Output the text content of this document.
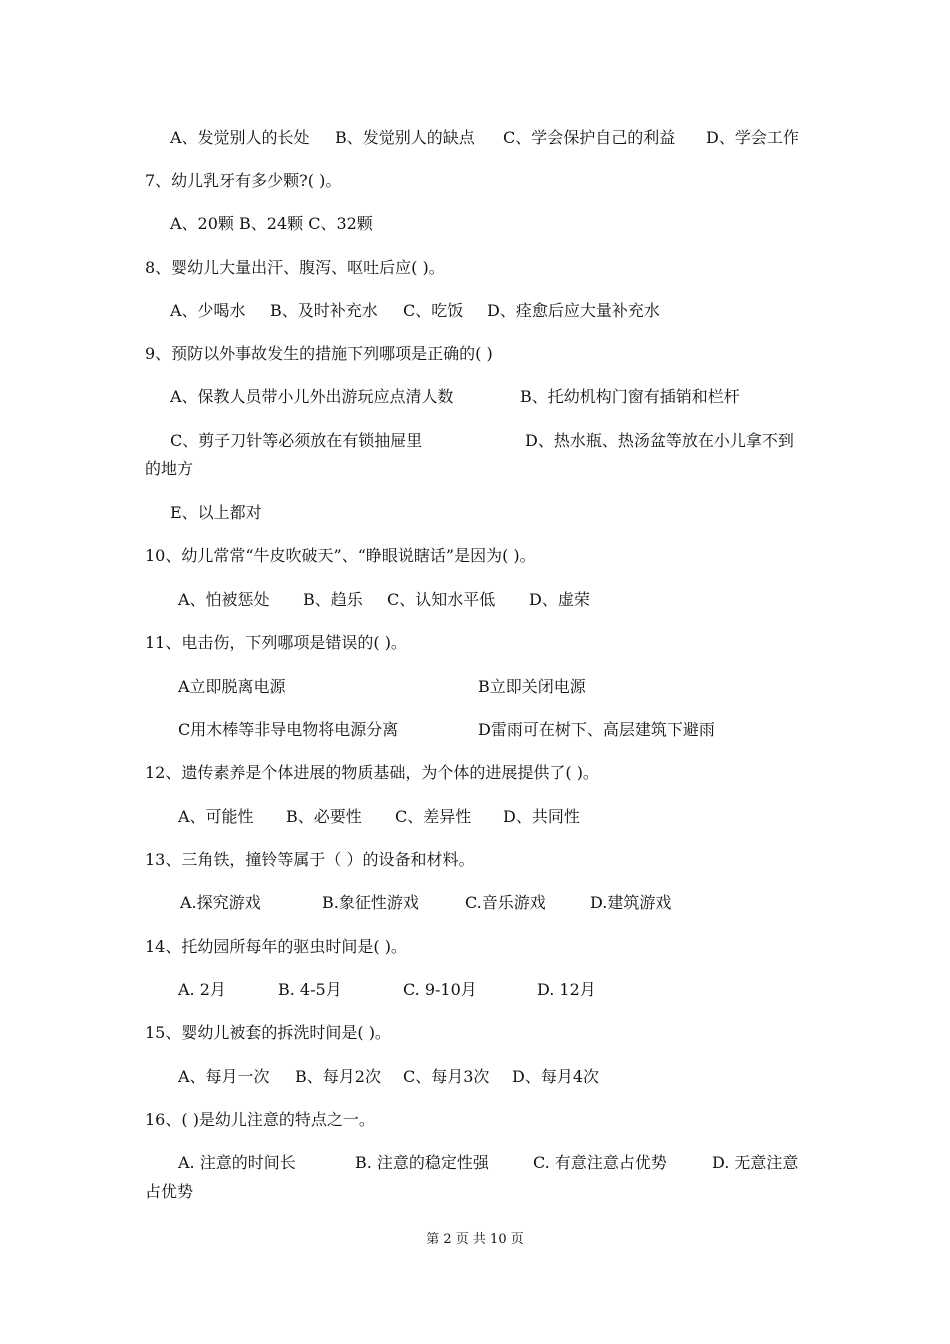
A、发觉别人的长处 B、发觉别人的缺点 C、学会保护自己的利益 D、学会工作
7、幼儿乳牙有多少颗?( )。
A、20颗 B、24颗 C、32颗
8、婴幼儿大量出汗、腹泻、呕吐后应( )。
A、少喝水 B、及时补充水 C、吃饭 D、痊愈后应大量补充水
9、预防以外事故发生的措施下列哪项是正确的( )
A、保教人员带小儿外出游玩应点清人数	B、托幼机构门窗有插销和栏杆
C、剪子刀针等必须放在有锁抽屉里	D、热水瓶、热汤盆等放在小儿拿不到
的地方
E、以上都对
10、幼儿常常“牛皮吹破天”、“睁眼说瞎话”是因为( )。
A、怕被惩处 B、趋乐 C、认知水平低 D、虚荣
11、电击伤，下列哪项是错误的( )。
A立即脱离电源	B立即关闭电源
C用木棒等非导电物将电源分离	D雷雨可在树下、高层建筑下避雨
12、遗传素养是个体进展的物质基础，为个体的进展提供了( )。
A、可能性 B、必要性 C、差异性 D、共同性
13、三角铁，撞铃等属于（ ）的设备和材料。
A.探究游戏	B.象征性游戏	C.音乐游戏	D.建筑游戏
14、托幼园所每年的驱虫时间是( )。
A. 2月	B. 4-5月	C. 9-10月	D. 12月
15、婴幼儿被套的拆洗时间是( )。
A、每月一次 B、每月2次 C、每月3次 D、每月4次
16、( )是幼儿注意的特点之一。
A. 注意的时间长	B. 注意的稳定性强	C. 有意注意占优势	D. 无意注意
占优势
第 2 页 共 10 页
